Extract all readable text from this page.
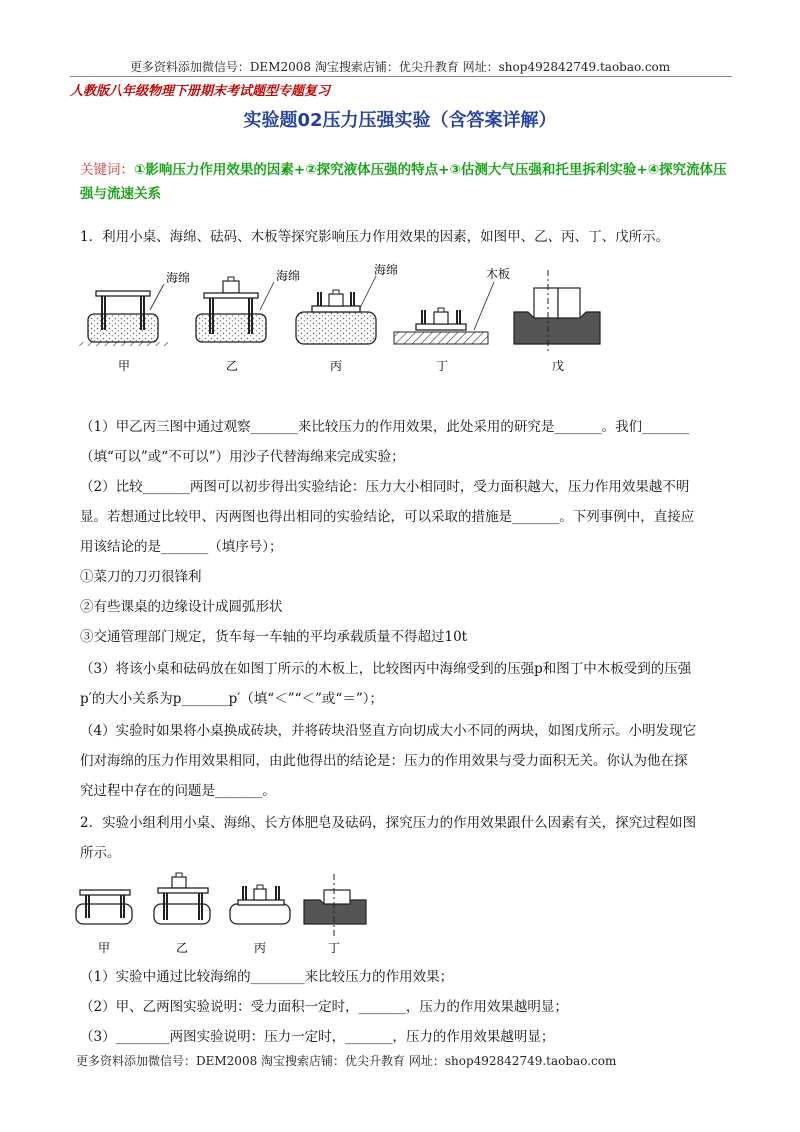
更多资料添加微信号：DEM2008 淘宝搜索店铺：优尖升教育 网址：shop492842749.taobao.com
人教版八年级物理下册期末考试题型专题复习
实验题02压力压强实验（含答案详解）
关键词：①影响压力作用效果的因素+②探究液体压强的特点+③估测大气压强和托里拆利实验+④探究流体压强与流速关系
1．利用小桌、海绵、砝码、木板等探究影响压力作用效果的因素，如图甲、乙、丙、丁、戊所示。
海绵	海绵	海绵	木板
甲	乙	丙	丁	戊
（1）甲乙丙三图中通过观察_______来比较压力的作用效果，此处采用的研究是_______。我们_______
（填“可以”或“不可以”）用沙子代替海绵来完成实验；
（2）比较_______两图可以初步得出实验结论：压力大小相同时，受力面积越大，压力作用效果越不明
显。若想通过比较甲、丙两图也得出相同的实验结论，可以采取的措施是_______。下列事例中，直接应
用该结论的是_______（填序号）；
①菜刀的刀刃很锋利
②有些课桌的边缘设计成圆弧形状
③交通管理部门规定，货车每一车轴的平均承载质量不得超过10t
（3）将该小桌和砝码放在如图丁所示的木板上，比较图丙中海绵受到的压强p和图丁中木板受到的压强
p′的大小关系为p_______p′（填“＜”“＜”或“＝”）；
（4）实验时如果将小桌换成砖块，并将砖块沿竖直方向切成大小不同的两块，如图戊所示。小明发现它
们对海绵的压力作用效果相同，由此他得出的结论是：压力的作用效果与受力面积无关。你认为他在探
究过程中存在的问题是_______。
2．实验小组利用小桌、海绵、长方体肥皂及砝码，探究压力的作用效果跟什么因素有关，探究过程如图
所示。
甲	乙	丙	丁
（1）实验中通过比较海绵的________来比较压力的作用效果；
（2）甲、乙两图实验说明：受力面积一定时，_______，压力的作用效果越明显；
（3）________两图实验说明：压力一定时，_______，压力的作用效果越明显；
更多资料添加微信号：DEM2008 淘宝搜索店铺：优尖升教育 网址：shop492842749.taobao.com
